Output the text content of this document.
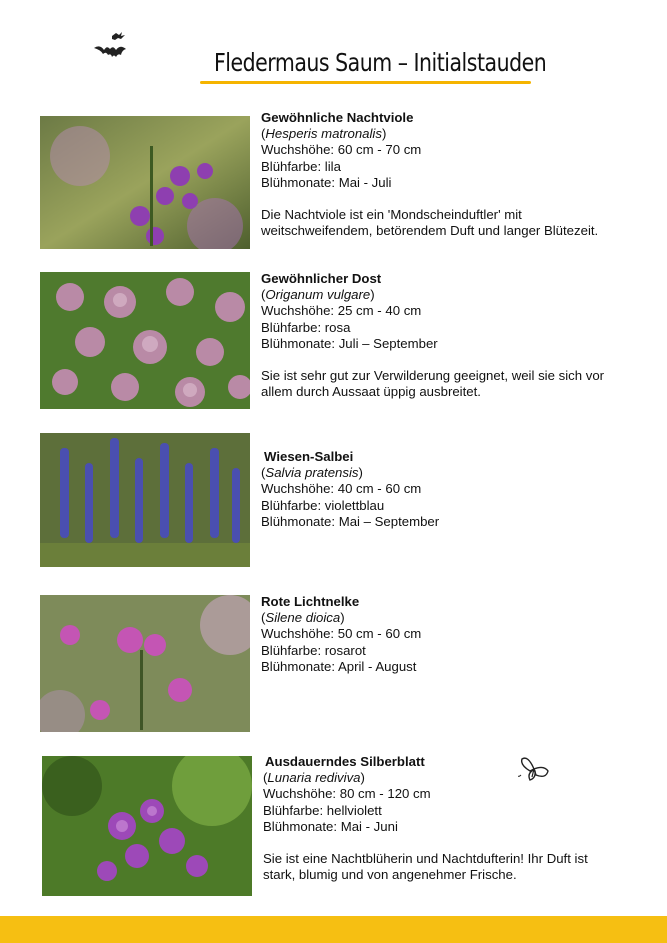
Fledermaus Saum – Initialstauden
Gewöhnliche Nachtviole
(Hesperis matronalis)
Wuchshöhe: 60 cm - 70 cm
Blühfarbe: lila
Blühmonate: Mai - Juli
Die Nachtviole ist ein 'Mondscheinduftler' mit weitschweifendem, betörendem Duft und langer Blütezeit.
Gewöhnlicher Dost
(Origanum vulgare)
Wuchshöhe: 25 cm - 40 cm
Blühfarbe: rosa
Blühmonate: Juli – September
Sie ist sehr gut zur Verwilderung geeignet, weil sie sich vor allem durch Aussaat üppig ausbreitet.
Wiesen-Salbei
(Salvia pratensis)
Wuchshöhe: 40 cm - 60 cm
Blühfarbe: violettblau
Blühmonate: Mai – September
Rote Lichtnelke
(Silene dioica)
Wuchshöhe: 50 cm - 60 cm
Blühfarbe: rosarot
Blühmonate: April - August
Ausdauerndes Silberblatt
(Lunaria rediviva)
Wuchshöhe: 80 cm - 120 cm
Blühfarbe: hellviolett
Blühmonate: Mai - Juni
Sie ist eine Nachtblüherin und Nachtdufterin! Ihr Duft ist stark, blumig und von angenehmer Frische.
